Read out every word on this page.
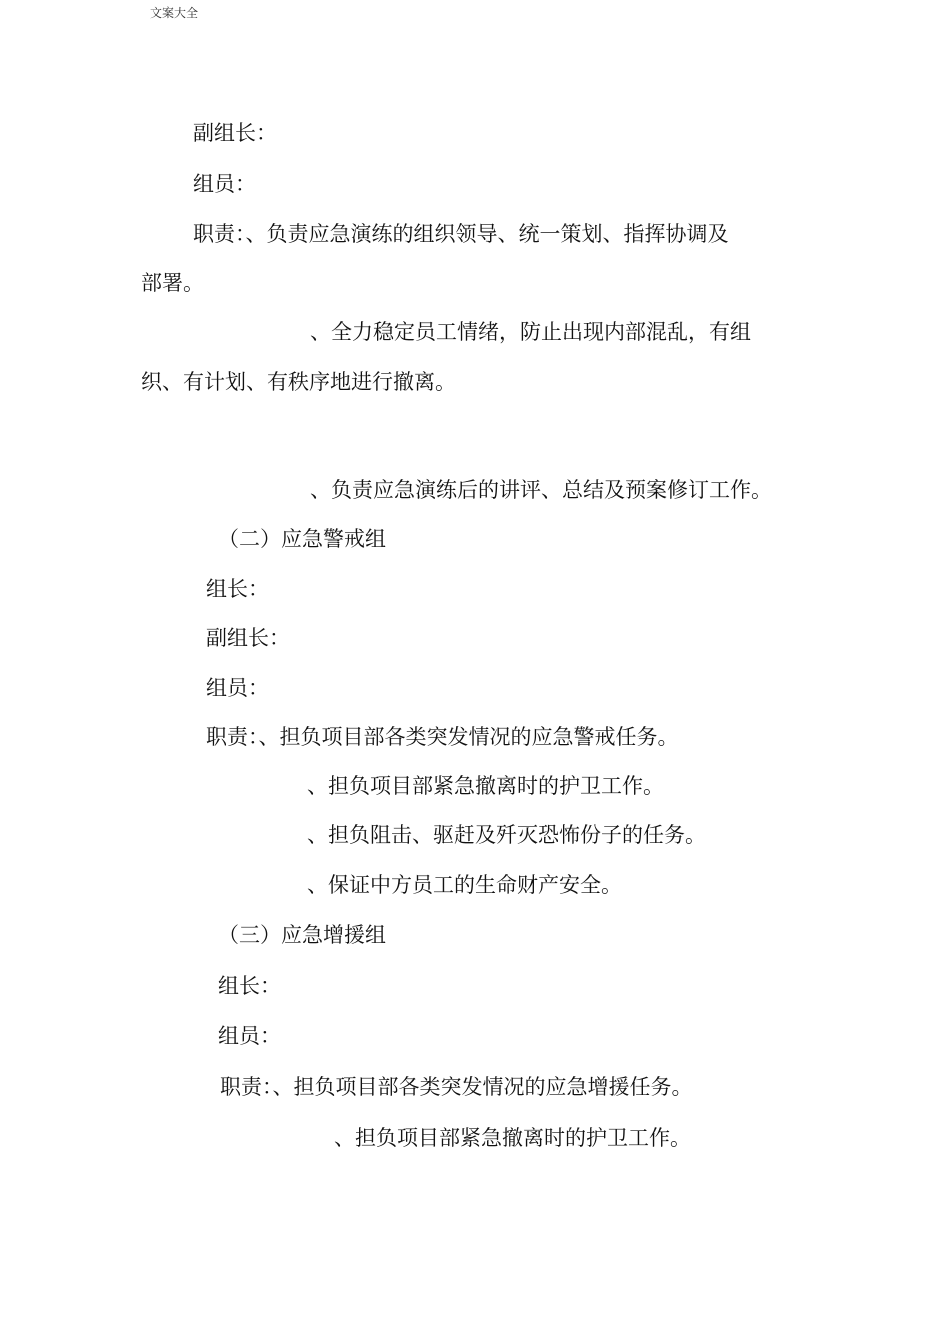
文案大全
副组长：
组员：
职责：、负责应急演练的组织领导、统一策划、指挥协调及
部署。
、全力稳定员工情绪，防止出现内部混乱，有组
织、有计划、有秩序地进行撤离。
、负责应急演练后的讲评、总结及预案修订工作。
（二）应急警戒组
组长：
副组长：
组员：
职责：、担负项目部各类突发情况的应急警戒任务。
、担负项目部紧急撤离时的护卫工作。
、担负阻击、驱赶及歼灭恐怖份子的任务。
、保证中方员工的生命财产安全。
（三）应急增援组
组长：
组员：
职责：、担负项目部各类突发情况的应急增援任务。
、担负项目部紧急撤离时的护卫工作。
